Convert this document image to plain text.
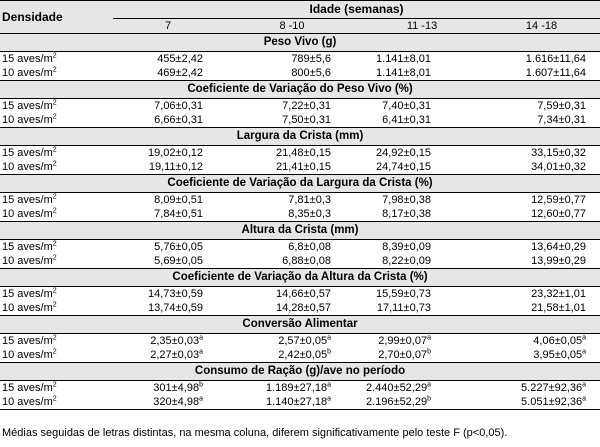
Densidade	Idade (semanas)			
	7	8 -10	11 -13	14 -18
Peso Vivo (g)				
15 aves/$m^2$	455±2,42	789±5,6	1.141±8,01	1.616±11,64
10 aves/$m^2$	469±2,42	800±5,6	1.141±8,01	1.607±11,64
Coeficiente de Variação do Peso Vivo (%)				
15 aves/$m^2$	7,06±0,31	7,22±0,31	7,40±0,31	7,59±0,31
10 aves/$m^2$	6,66±0,31	7,50±0,31	6,41±0,31	7,34±0,31
Largura da Crista (mm)				
15 aves/$m^2$	19,02±0,12	21,48±0,15	24,92±0,15	33,15±0,32
10 aves/$m^2$	19,11±0,12	21,41±0,15	24,74±0,15	34,01±0,32
Coeficiente de Variação da Largura da Crista (%)				
15 aves/$m^2$	8,09±0,51	7,81±0,3	7,98±0,38	12,59±0,77
10 aves/$m^2$	7,84±0,51	8,35±0,3	8,17±0,38	12,60±0,77
Altura da Crista (mm)				
15 aves/$m^2$	5,76±0,05	6,8±0,08	8,39±0,09	13,64±0,29
10 aves/$m^2$	5,69±0,05	6,88±0,08	8,22±0,09	13,99±0,29
Coeficiente de Variação da Altura da Crista (%)				
15 aves/$m^2$	14,73±0,59	14,66±0,57	15,59±0,73	23,32±1,01
10 aves/$m^2$	13,74±0,59	14,28±0,57	17,11±0,73	21,58±1,01
Conversão Alimentar				
15 aves/$m^2$	2,35±0,03$^a$	2,57±0,05$^a$	2,99±0,07$^a$	4,06±0,05$^a$
10 aves/$m^2$	2,27±0,03$^a$	2,42±0,05$^b$	2,70±0,07$^b$	3,95±0,05$^a$
Consumo de Ração (g)/ave no período				
15 aves/$m^2$	301±4,98$^b$	1.189±27,18$^a$	2.440±52,29$^a$	5.227±92,36$^a$
10 aves/$m^2$	320±4,98$^a$	1.140±27,18$^a$	2.196±52,29$^b$	5.051±92,36$^a$
Médias seguidas de letras distintas, na mesma coluna, diferem significativamente pelo teste F (p<0,05).
